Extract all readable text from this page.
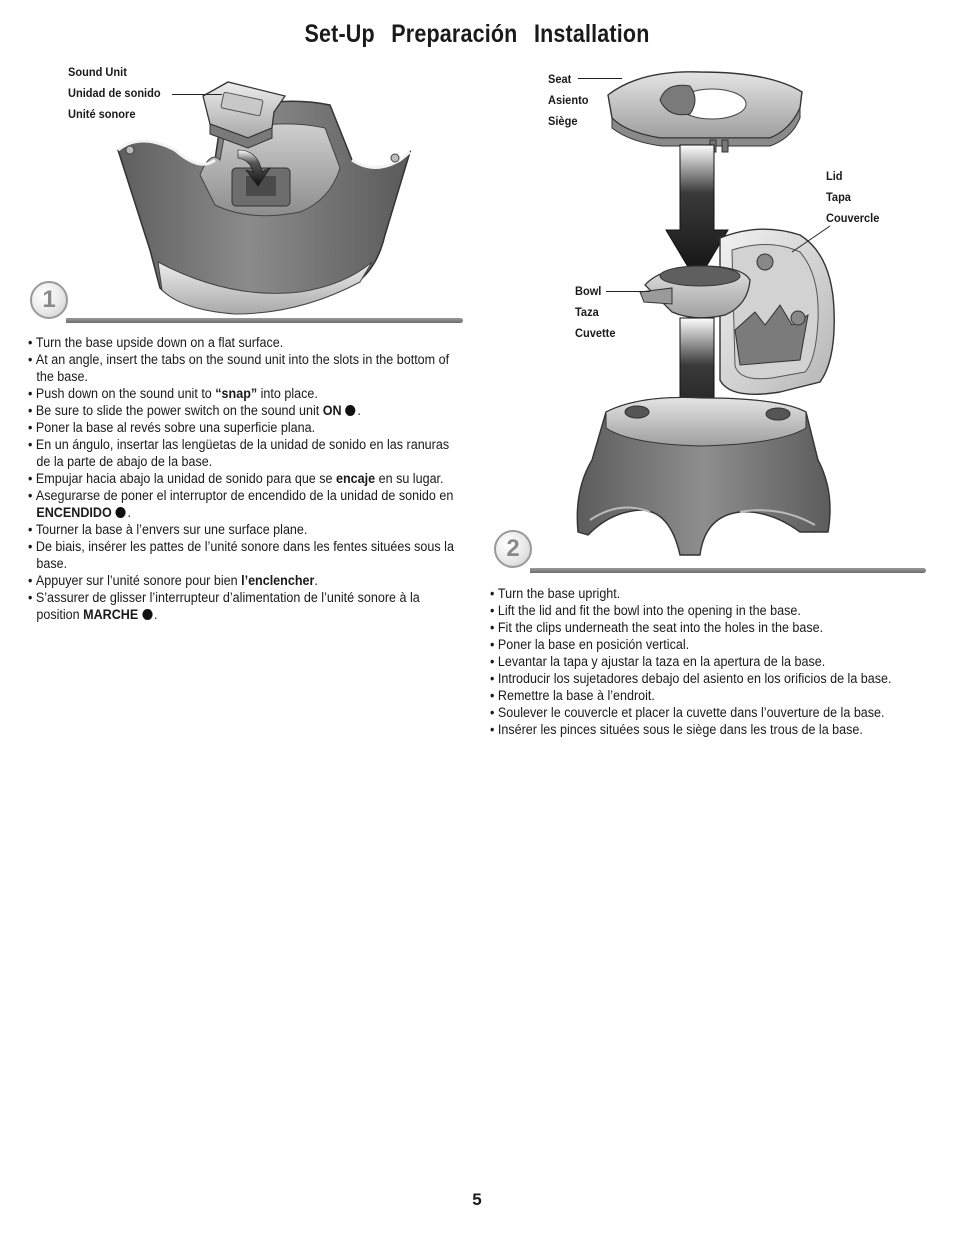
Set-Up Preparación Installation
Sound Unit
Unidad de sonido
Unité sonore
1
• Turn the base upside down on a flat surface.
• At an angle, insert the tabs on the sound unit into the slots in the bottom of the base.
• Push down on the sound unit to “snap” into place.
• Be sure to slide the power switch on the sound unit ON .
• Poner la base al revés sobre una superficie plana.
• En un ángulo, insertar las lengüetas de la unidad de sonido en las ranuras de la parte de abajo de la base.
• Empujar hacia abajo la unidad de sonido para que se encaje en su lugar.
• Asegurarse de poner el interruptor de encendido de la unidad de sonido en ENCENDIDO .
• Tourner la base à l’envers sur une surface plane.
• De biais, insérer les pattes de l’unité sonore dans les fentes situées sous la base.
• Appuyer sur l’unité sonore pour bien l’enclencher.
• S’assurer de glisser l’interrupteur d’alimentation de l’unité sonore à la position MARCHE .
Seat
Asiento
Siège
Lid
Tapa
Couvercle
Bowl
Taza
Cuvette
2
• Turn the base upright.
• Lift the lid and fit the bowl into the opening in the base.
• Fit the clips underneath the seat into the holes in the base.
• Poner la base en posición vertical.
• Levantar la tapa y ajustar la taza en la apertura de la base.
• Introducir los sujetadores debajo del asiento en los orificios de la base.
• Remettre la base à l’endroit.
• Soulever le couvercle et placer la cuvette dans l’ouverture de la base.
• Insérer les pinces situées sous le siège dans les trous de la base.
5
